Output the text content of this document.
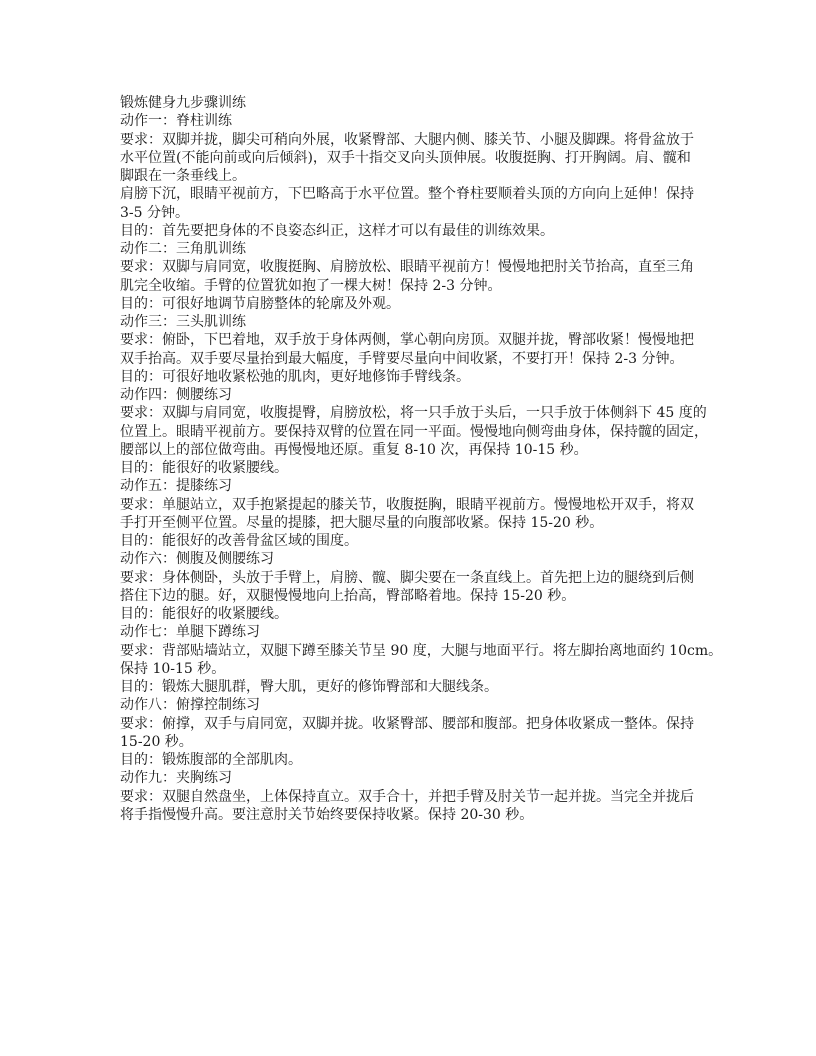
锻炼健身九步骤训练
动作一：脊柱训练
要求：双脚并拢，脚尖可稍向外展，收紧臀部、大腿内侧、膝关节、小腿及脚踝。将骨盆放于
水平位置(不能向前或向后倾斜)，双手十指交叉向头顶伸展。收腹挺胸、打开胸阔。肩、髋和
脚跟在一条垂线上。
肩膀下沉，眼睛平视前方，下巴略高于水平位置。整个脊柱要顺着头顶的方向向上延伸！保持
3-5 分钟。
目的：首先要把身体的不良姿态纠正，这样才可以有最佳的训练效果。
动作二：三角肌训练
要求：双脚与肩同宽，收腹挺胸、肩膀放松、眼睛平视前方！慢慢地把肘关节抬高，直至三角
肌完全收缩。手臂的位置犹如抱了一棵大树！保持 2-3 分钟。
目的：可很好地调节肩膀整体的轮廓及外观。
动作三：三头肌训练
要求：俯卧，下巴着地，双手放于身体两侧，掌心朝向房顶。双腿并拢，臀部收紧！慢慢地把
双手抬高。双手要尽量抬到最大幅度，手臂要尽量向中间收紧，不要打开！保持 2-3 分钟。
目的：可很好地收紧松弛的肌肉，更好地修饰手臂线条。
动作四：侧腰练习
要求：双脚与肩同宽，收腹提臀，肩膀放松，将一只手放于头后，一只手放于体侧斜下 45 度的
位置上。眼睛平视前方。要保持双臂的位置在同一平面。慢慢地向侧弯曲身体，保持髋的固定，
腰部以上的部位做弯曲。再慢慢地还原。重复 8-10 次，再保持 10-15 秒。
目的：能很好的收紧腰线。
动作五：提膝练习
要求：单腿站立，双手抱紧提起的膝关节，收腹挺胸，眼睛平视前方。慢慢地松开双手，将双
手打开至侧平位置。尽量的提膝，把大腿尽量的向腹部收紧。保持 15-20 秒。
目的：能很好的改善骨盆区域的围度。
动作六：侧腹及侧腰练习
要求：身体侧卧，头放于手臂上，肩膀、髋、脚尖要在一条直线上。首先把上边的腿绕到后侧
搭住下边的腿。好，双腿慢慢地向上抬高，臀部略着地。保持 15-20 秒。
目的：能很好的收紧腰线。
动作七：单腿下蹲练习
要求：背部贴墙站立，双腿下蹲至膝关节呈 90 度，大腿与地面平行。将左脚抬离地面约 10cm。
保持 10-15 秒。
目的：锻炼大腿肌群，臀大肌，更好的修饰臀部和大腿线条。
动作八：俯撑控制练习
要求：俯撑，双手与肩同宽，双脚并拢。收紧臀部、腰部和腹部。把身体收紧成一整体。保持
15-20 秒。
目的：锻炼腹部的全部肌肉。
动作九：夹胸练习
要求：双腿自然盘坐，上体保持直立。双手合十，并把手臂及肘关节一起并拢。当完全并拢后
将手指慢慢升高。要注意肘关节始终要保持收紧。保持 20-30 秒。
